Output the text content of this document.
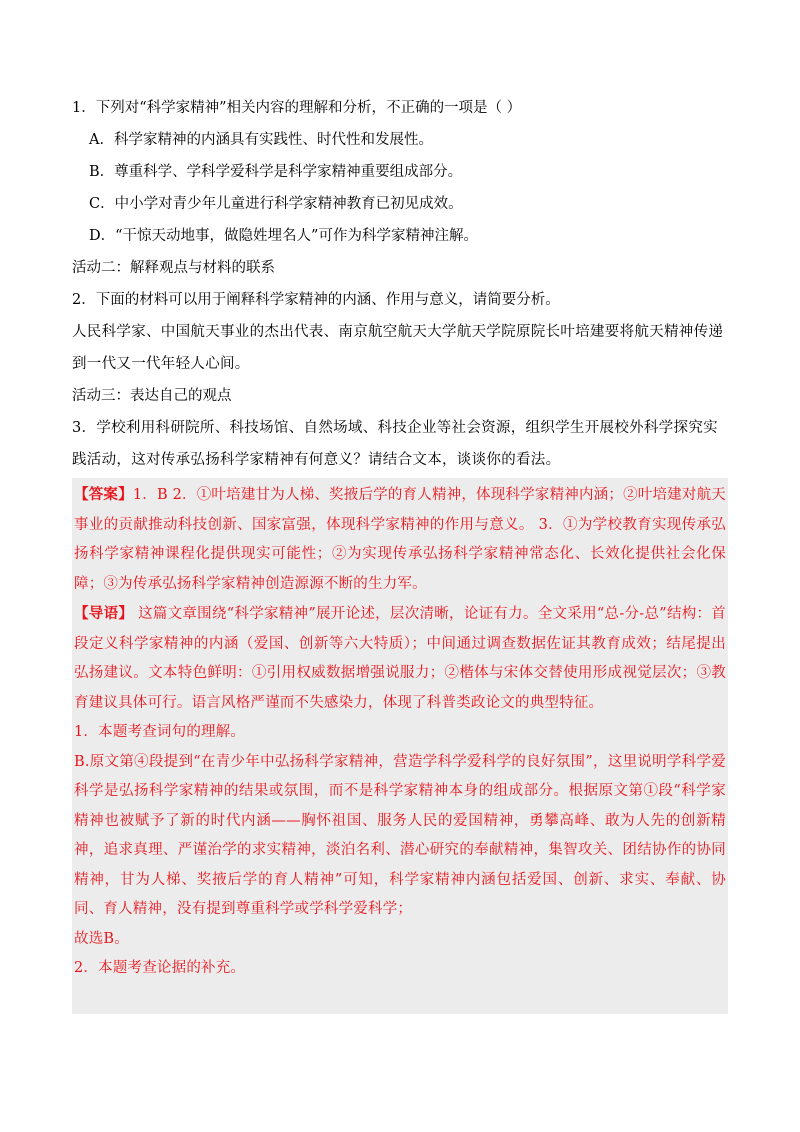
1．下列对“科学家精神”相关内容的理解和分析，不正确的一项是（ ）

A．科学家精神的内涵具有实践性、时代性和发展性。

B．尊重科学、学科学爱科学是科学家精神重要组成部分。

C．中小学对青少年儿童进行科学家精神教育已初见成效。

D．“干惊天动地事，做隐姓埋名人”可作为科学家精神注解。

活动二：解释观点与材料的联系

2．下面的材料可以用于阐释科学家精神的内涵、作用与意义，请简要分析。

人民科学家、中国航天事业的杰出代表、南京航空航天大学航天学院原院长叶培建要将航天精神传递到一代又一代年轻人心间。

活动三：表达自己的观点

3．学校利用科研院所、科技场馆、自然场域、科技企业等社会资源，组织学生开展校外科学探究实践活动，这对传承弘扬科学家精神有何意义？请结合文本，谈谈你的看法。

【答案】1．B 2．①叶培建甘为人梯、奖掖后学的育人精神，体现科学家精神内涵；②叶培建对航天事业的贡献推动科技创新、国家富强，体现科学家精神的作用与意义。 3．①为学校教育实现传承弘扬科学家精神课程化提供现实可能性；②为实现传承弘扬科学家精神常态化、长效化提供社会化保障；③为传承弘扬科学家精神创造源源不断的生力军。

【导语】 这篇文章围绕“科学家精神”展开论述，层次清晰，论证有力。全文采用“总-分-总”结构：首段定义科学家精神的内涵（爱国、创新等六大特质）；中间通过调查数据佐证其教育成效；结尾提出弘扬建议。文本特色鲜明：①引用权威数据增强说服力；②楷体与宋体交替使用形成视觉层次；③教育建议具体可行。语言风格严谨而不失感染力，体现了科普类政论文的典型特征。

1．本题考查词句的理解。

B.原文第④段提到“在青少年中弘扬科学家精神，营造学科学爱科学的良好氛围”，这里说明学科学爱科学是弘扬科学家精神的结果或氛围，而不是科学家精神本身的组成部分。根据原文第①段“科学家精神也被赋予了新的时代内涵——胸怀祖国、服务人民的爱国精神，勇攀高峰、敢为人先的创新精神，追求真理、严谨治学的求实精神，淡泊名利、潜心研究的奉献精神，集智攻关、团结协作的协同精神，甘为人梯、奖掖后学的育人精神”可知，科学家精神内涵包括爱国、创新、求实、奉献、协同、育人精神，没有提到尊重科学或学科学爱科学；

故选B。

2．本题考查论据的补充。
